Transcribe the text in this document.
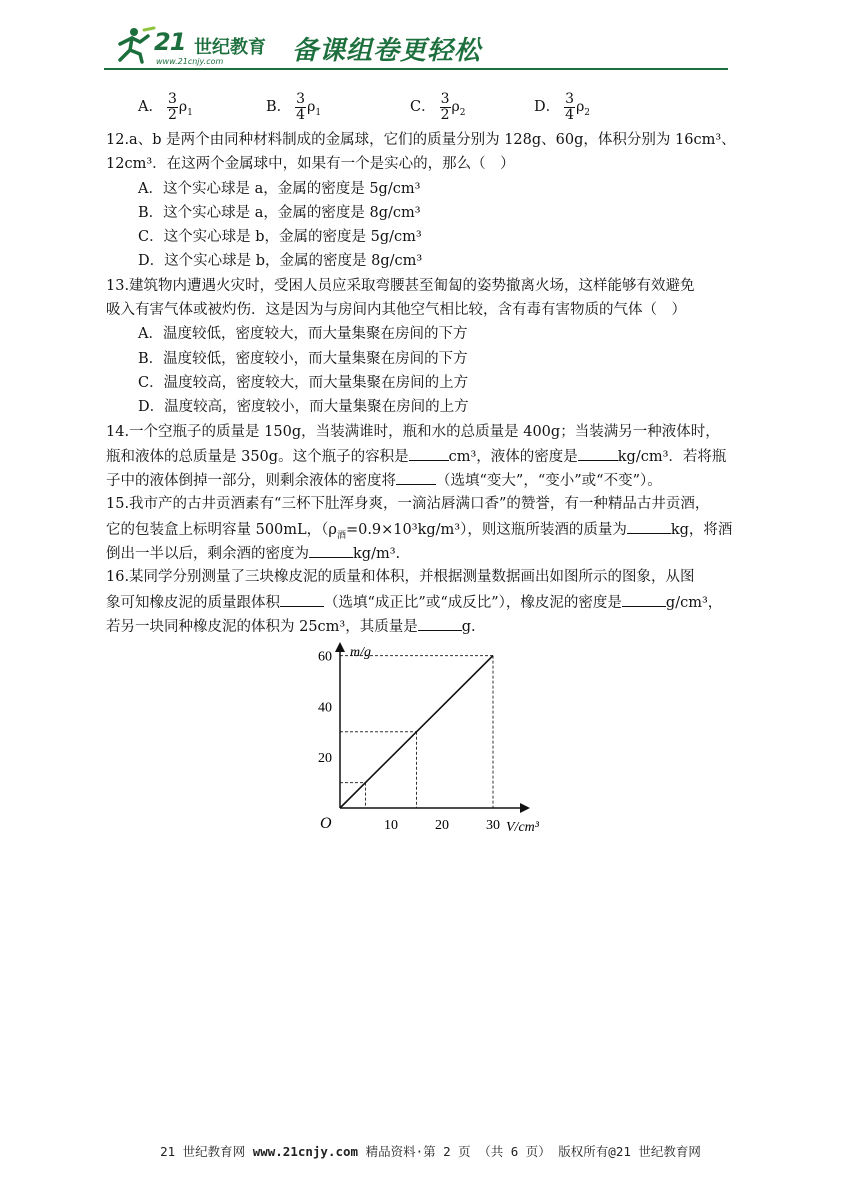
21 世纪教育
www.21cnjy.com	备课组卷更轻松
A． $\frac{3}{2} \rho_1$	B． $\frac{3}{4} \rho_1$	C． $\frac{3}{2} \rho_2$	D． $\frac{3}{4} \rho_2$
12.a、b 是两个由同种材料制成的金属球，它们的质量分别为 128g、60g，体积分别为 16cm³、
12cm³．在这两个金属球中，如果有一个是实心的，那么（　）
A．这个实心球是 a，金属的密度是 5g/cm³
B．这个实心球是 a，金属的密度是 8g/cm³
C．这个实心球是 b，金属的密度是 5g/cm³
D．这个实心球是 b，金属的密度是 8g/cm³
13.建筑物内遭遇火灾时，受困人员应采取弯腰甚至匍匐的姿势撤离火场，这样能够有效避免
吸入有害气体或被灼伤．这是因为与房间内其他空气相比较，含有毒有害物质的气体（　）
A．温度较低，密度较大，而大量集聚在房间的下方
B．温度较低，密度较小，而大量集聚在房间的下方
C．温度较高，密度较大，而大量集聚在房间的上方
D．温度较高，密度较小，而大量集聚在房间的上方
14.一个空瓶子的质量是 150g，当装满谁时，瓶和水的总质量是 400g；当装满另一种液体时，
瓶和液体的总质量是 350g。这个瓶子的容积是	cm³，液体的密度是	kg/cm³．若将瓶
子中的液体倒掉一部分，则剩余液体的密度将	（选填“变大”，“变小”或“不变”）。
15.我市产的古井贡酒素有“三杯下肚浑身爽，一滴沾唇满口香”的赞誉，有一种精品古井贡酒，
它的包装盒上标明容量 500mL，$(\rho_酒=0.9\times 10^3kg/m^3)$，则这瓶所装酒的质量为	kg，将酒
倒出一半以后，剩余酒的密度为	kg/m³.
16.某同学分别测量了三块橡皮泥的质量和体积，并根据测量数据画出如图所示的图象，从图
象可知橡皮泥的质量跟体积	（选填“成正比”或“成反比”），橡皮泥的密度是	g/cm³，
若另一块同种橡皮泥的体积为 25cm³，其质量是	g.
m/g
V/cm³
O	10	20	30
20
40
60
21 世纪教育网 www.21cnjy.com 精品资料·第 2 页 （共 6 页） 版权所有@21 世纪教育网
